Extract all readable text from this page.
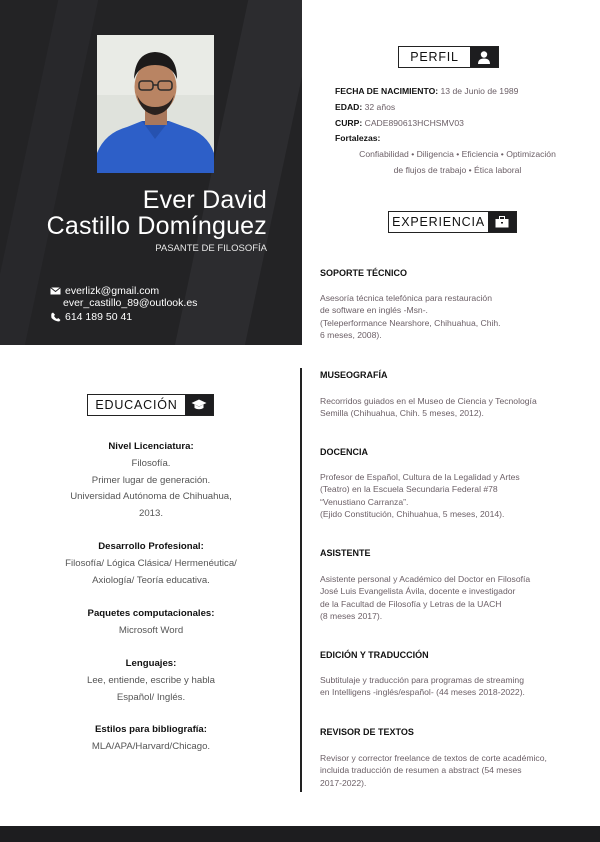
Ever David
Castillo Domínguez
PASANTE DE FILOSOFÍA
everlizk@gmail.com
ever_castillo_89@outlook.es
614 189 50 41
PERFIL
FECHA DE NACIMIENTO: 13 de Junio de 1989
EDAD: 32 años
CURP: CADE890613HCHSMV03
Fortalezas:
Confiabilidad • Diligencia • Eficiencia • Optimización
de flujos de trabajo • Ética laboral
EXPERIENCIA
SOPORTE TÉCNICO
Asesoría técnica telefónica para restauración
de software en inglés -Msn-.
(Teleperformance Nearshore, Chihuahua, Chih.
6 meses, 2008).
MUSEOGRAFÍA
Recorridos guiados en el Museo de Ciencia y Tecnología
Semilla (Chihuahua, Chih. 5 meses, 2012).
DOCENCIA
Profesor de Español, Cultura de la Legalidad y Artes
(Teatro) en la Escuela Secundaria Federal #78
“Venustiano Carranza”.
(Ejido Constitución, Chihuahua, 5 meses, 2014).
ASISTENTE
Asistente personal y Académico del Doctor en Filosofía
José Luis Evangelista Ávila, docente e investigador
de la Facultad de Filosofía y Letras de la UACH
(8 meses 2017).
EDICIÓN Y TRADUCCIÓN
Subtitulaje y traducción para programas de streaming
en Intelligens -inglés/español- (44 meses 2018-2022).
REVISOR DE TEXTOS
Revisor y corrector freelance de textos de corte académico,
incluida traducción de resumen a abstract (54 meses
2017-2022).
EDUCACIÓN
Nivel Licenciatura:
Filosofía.
Primer lugar de generación.
Universidad Autónoma de Chihuahua,
2013.
Desarrollo Profesional:
Filosofía/ Lógica Clásica/ Hermenéutica/
Axiología/ Teoría educativa.
Paquetes computacionales:
Microsoft Word
Lenguajes:
Lee, entiende, escribe y habla
Español/ Inglés.
Estilos para bibliografía:
MLA/APA/Harvard/Chicago.
